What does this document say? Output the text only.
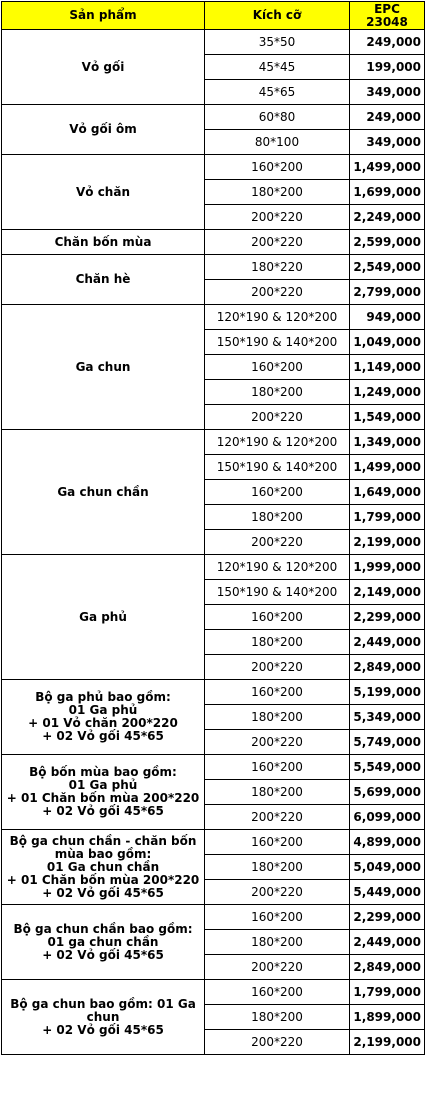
Sản phẩm	Kích cỡ	EPC 23048
Vỏ gối	35*50	249,000
	45*45	199,000
	45*65	349,000
Vỏ gối ôm	60*80	249,000
	80*100	349,000
Vỏ chăn	160*200	1,499,000
	180*200	1,699,000
	200*220	2,249,000
Chăn bốn mùa	200*220	2,599,000
Chăn hè	180*220	2,549,000
	200*220	2,799,000
Ga chun	120*190 & 120*200	949,000
	150*190 & 140*200	1,049,000
	160*200	1,149,000
	180*200	1,249,000
	200*220	1,549,000
Ga chun chần	120*190 & 120*200	1,349,000
	150*190 & 140*200	1,499,000
	160*200	1,649,000
	180*200	1,799,000
	200*220	2,199,000
Ga phủ	120*190 & 120*200	1,999,000
	150*190 & 140*200	2,149,000
	160*200	2,299,000
	180*200	2,449,000
	200*220	2,849,000
Bộ ga phủ bao gồm:
01 Ga phủ
+ 01 Vỏ chăn 200*220
+ 02 Vỏ gối 45*65	160*200	5,199,000
	180*200	5,349,000
	200*220	5,749,000
Bộ bốn mùa bao gồm:
01 Ga phủ
+ 01 Chăn bốn mùa 200*220
+ 02 Vỏ gối 45*65	160*200	5,549,000
	180*200	5,699,000
	200*220	6,099,000
Bộ ga chun chần - chăn bốn mùa bao gồm:
01 Ga chun chần
+ 01 Chăn bốn mùa 200*220
+ 02 Vỏ gối 45*65	160*200	4,899,000
	180*200	5,049,000
	200*220	5,449,000
Bộ ga chun chần bao gồm: 01 ga chun chần
+ 02 Vỏ gối 45*65	160*200	2,299,000
	180*200	2,449,000
	200*220	2,849,000
Bộ ga chun bao gồm: 01 Ga chun
+ 02 Vỏ gối 45*65	160*200	1,799,000
	180*200	1,899,000
	200*220	2,199,000
